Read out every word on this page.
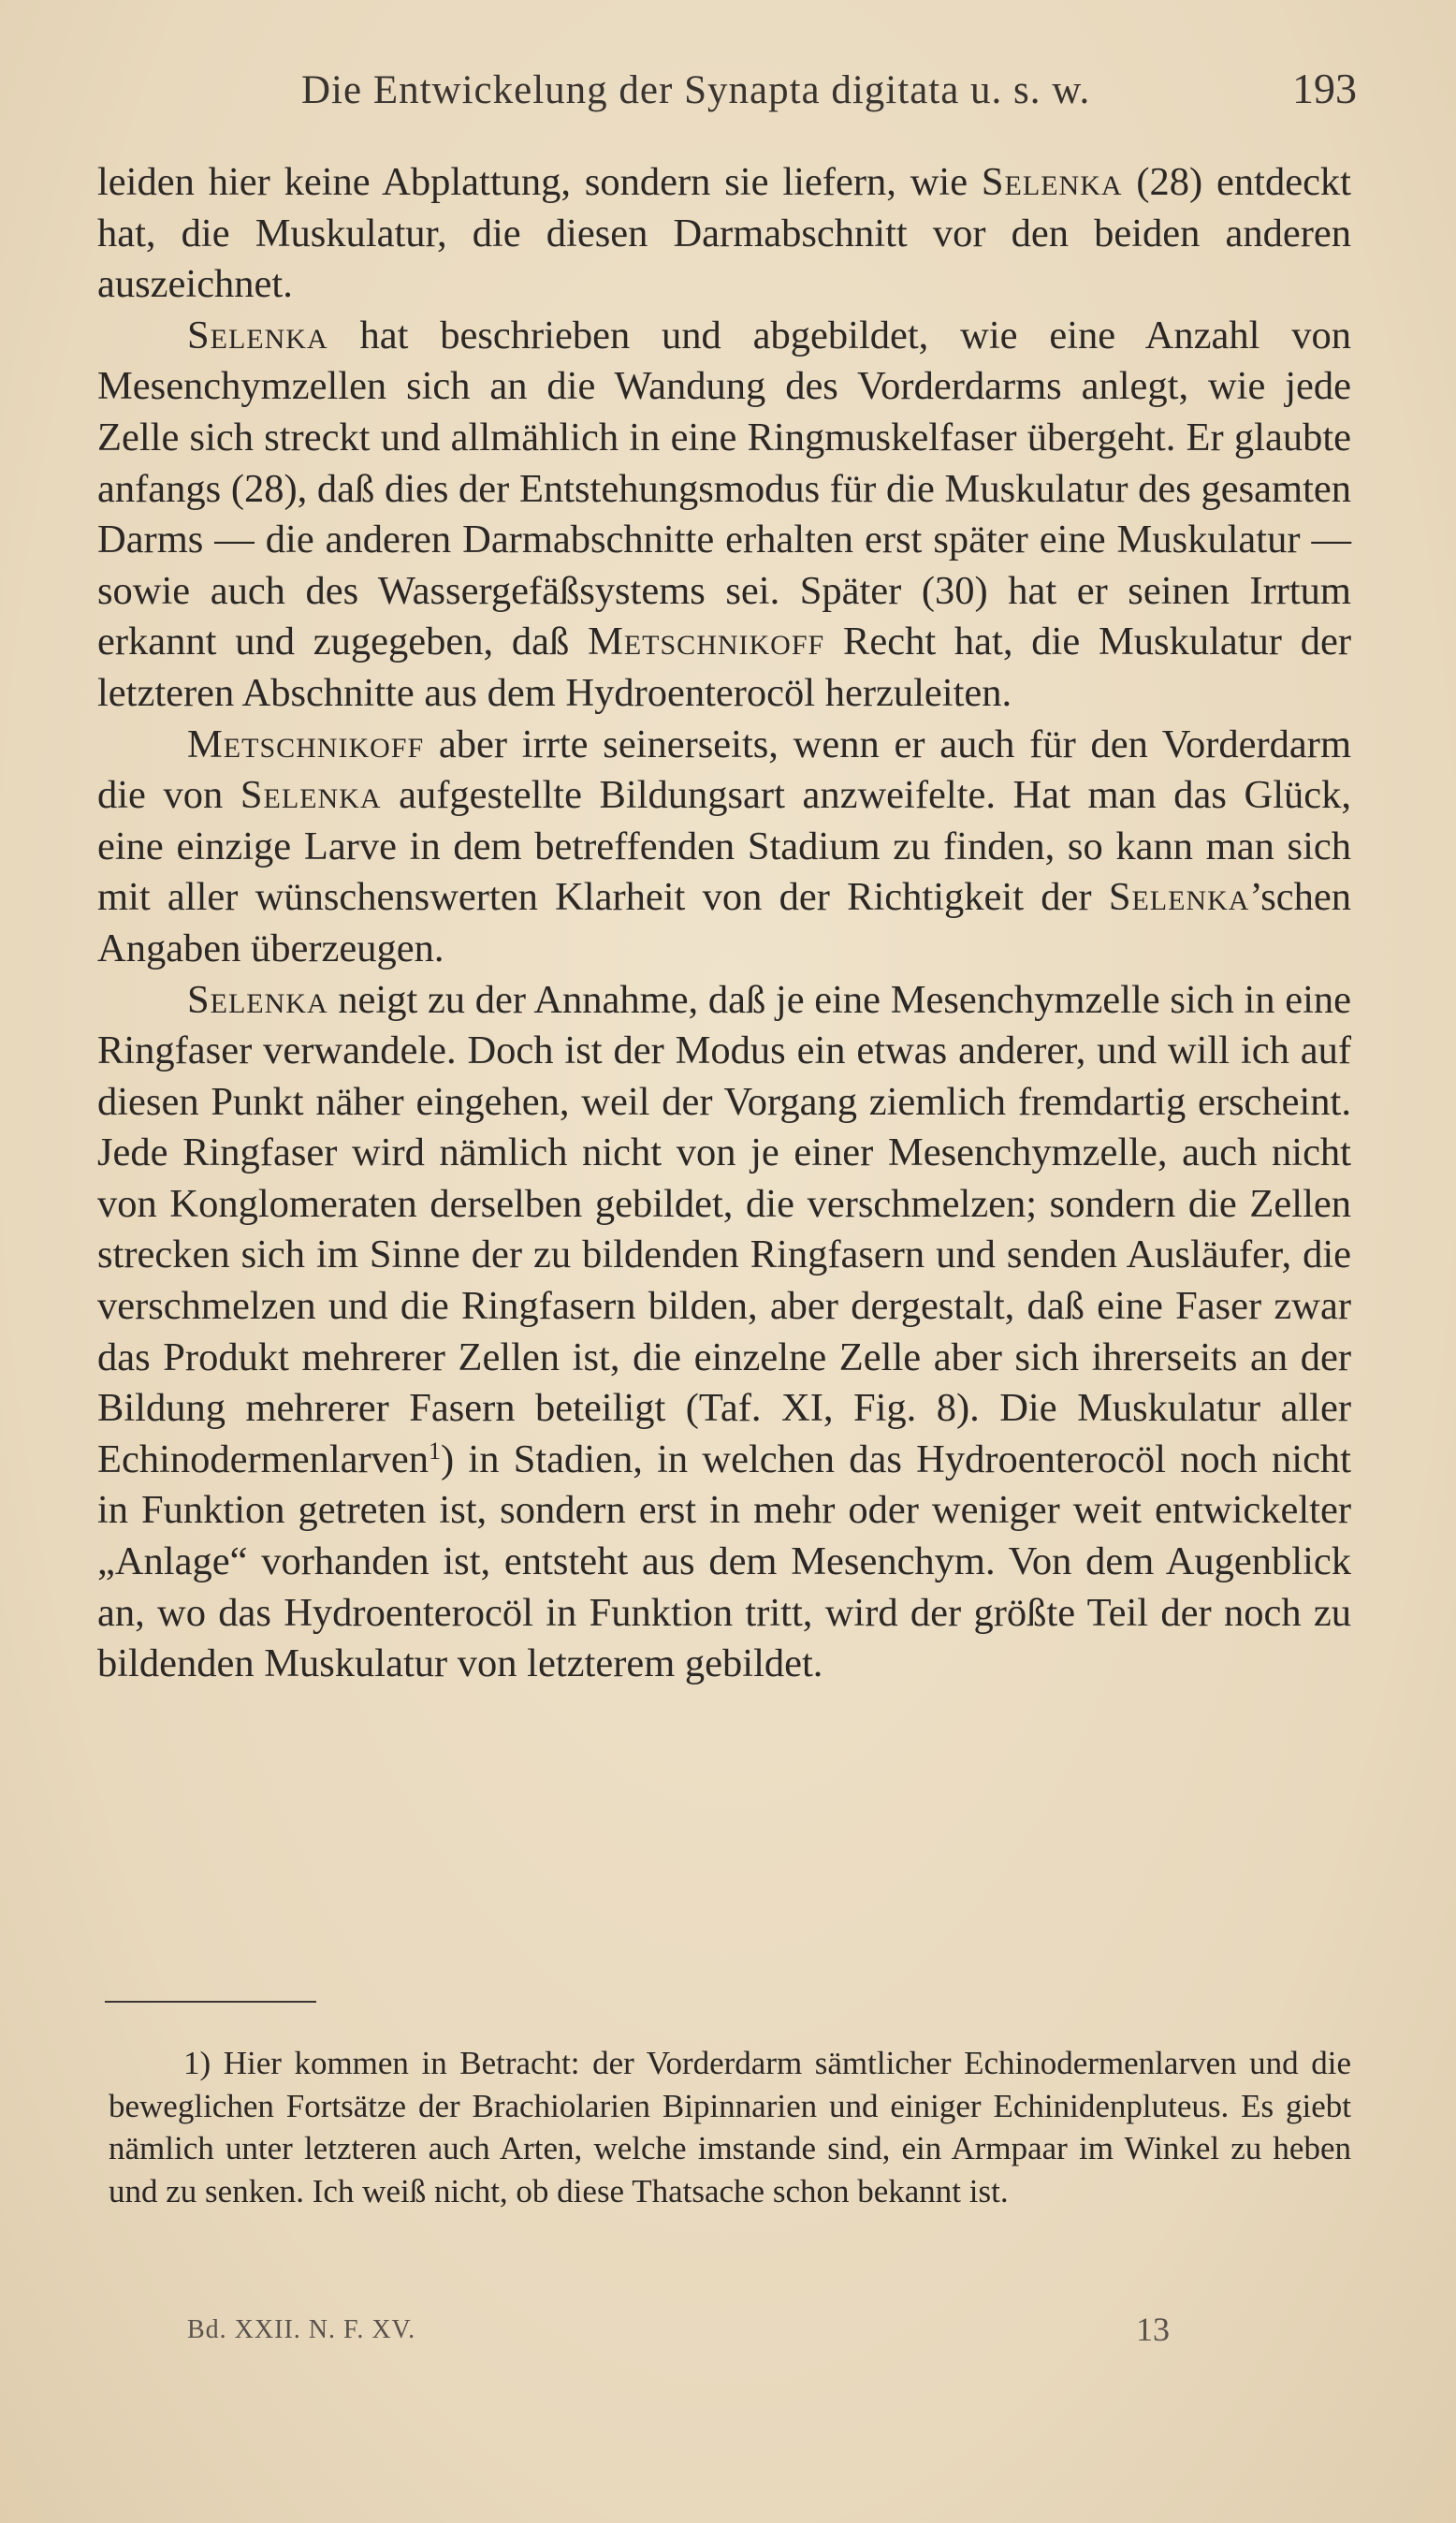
Die Entwickelung der Synapta digitata u. s. w.	193

leiden hier keine Abplattung, sondern sie liefern, wie Selenka (28) entdeckt hat, die Muskulatur, die diesen Darmabschnitt vor den beiden anderen auszeichnet.

Selenka hat beschrieben und abgebildet, wie eine Anzahl von Mesenchymzellen sich an die Wandung des Vorderdarms anlegt, wie jede Zelle sich streckt und allmählich in eine Ringmuskelfaser übergeht. Er glaubte anfangs (28), daß dies der Entstehungsmodus für die Muskulatur des gesamten Darms — die anderen Darmabschnitte erhalten erst später eine Muskulatur — sowie auch des Wassergefäßsystems sei. Später (30) hat er seinen Irrtum erkannt und zugegeben, daß Metschnikoff Recht hat, die Muskulatur der letzteren Abschnitte aus dem Hydroenterocöl herzuleiten.

Metschnikoff aber irrte seinerseits, wenn er auch für den Vorderdarm die von Selenka aufgestellte Bildungsart anzweifelte. Hat man das Glück, eine einzige Larve in dem betreffenden Stadium zu finden, so kann man sich mit aller wünschenswerten Klarheit von der Richtigkeit der Selenka’schen Angaben überzeugen.

Selenka neigt zu der Annahme, daß je eine Mesenchymzelle sich in eine Ringfaser verwandele. Doch ist der Modus ein etwas anderer, und will ich auf diesen Punkt näher eingehen, weil der Vorgang ziemlich fremdartig erscheint. Jede Ringfaser wird nämlich nicht von je einer Mesenchymzelle, auch nicht von Konglomeraten derselben gebildet, die verschmelzen; sondern die Zellen strecken sich im Sinne der zu bildenden Ringfasern und senden Ausläufer, die verschmelzen und die Ringfasern bilden, aber dergestalt, daß eine Faser zwar das Produkt mehrerer Zellen ist, die einzelne Zelle aber sich ihrerseits an der Bildung mehrerer Fasern beteiligt (Taf. XI, Fig. 8). Die Muskulatur aller Echinodermenlarven$^1$) in Stadien, in welchen das Hydroenterocöl noch nicht in Funktion getreten ist, sondern erst in mehr oder weniger weit entwickelter „Anlage“ vorhanden ist, entsteht aus dem Mesenchym. Von dem Augenblick an, wo das Hydroenterocöl in Funktion tritt, wird der größte Teil der noch zu bildenden Muskulatur von letzterem gebildet.

1) Hier kommen in Betracht: der Vorderdarm sämtlicher Echinodermenlarven und die beweglichen Fortsätze der Brachiolarien Bipinnarien und einiger Echinidenpluteus. Es giebt nämlich unter letzteren auch Arten, welche imstande sind, ein Armpaar im Winkel zu heben und zu senken. Ich weiß nicht, ob diese Thatsache schon bekannt ist.
Bd. XXII. N. F. XV.	13
